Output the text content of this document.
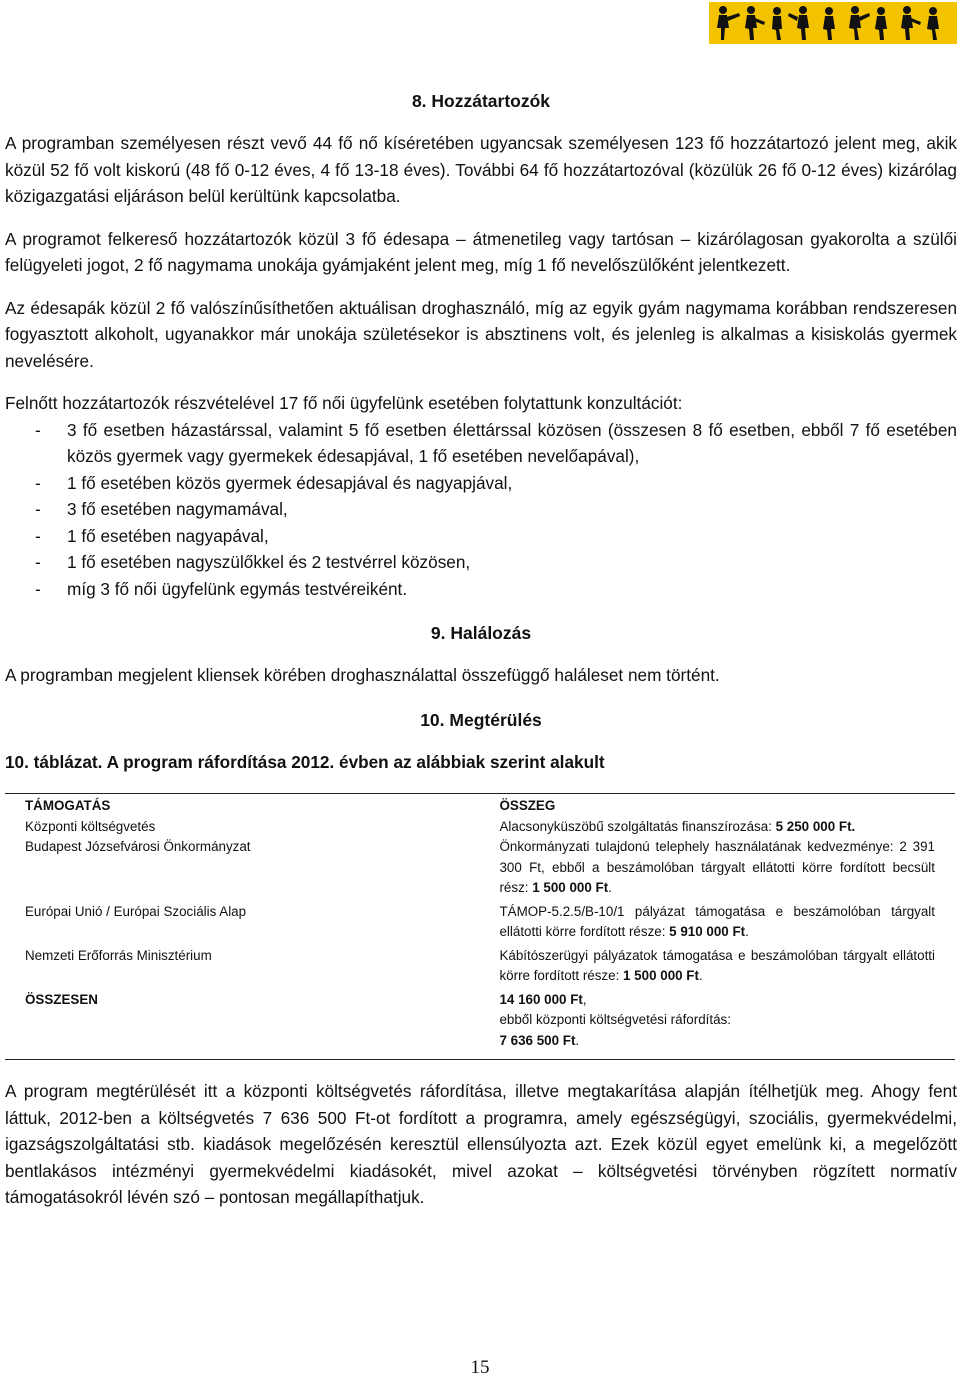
8. Hozzátartozók

A programban személyesen részt vevő 44 fő nő kíséretében ugyancsak személyesen 123 fő hozzátartozó jelent meg, akik közül 52 fő volt kiskorú (48 fő 0-12 éves, 4 fő 13-18 éves). További 64 fő hozzátartozóval (közülük 26 fő 0-12 éves) kizárólag közigazgatási eljáráson belül kerültünk kapcsolatba.

A programot felkereső hozzátartozók közül 3 fő édesapa – átmenetileg vagy tartósan – kizárólagosan gyakorolta a szülői felügyeleti jogot, 2 fő nagymama unokája gyámjaként jelent meg, míg 1 fő nevelőszülőként jelentkezett.

Az édesapák közül 2 fő valószínűsíthetően aktuálisan droghasználó, míg az egyik gyám nagymama korábban rendszeresen fogyasztott alkoholt, ugyanakkor már unokája születésekor is absztinens volt, és jelenleg is alkalmas a kisiskolás gyermek nevelésére.

Felnőtt hozzátartozók részvételével 17 fő női ügyfelünk esetében folytattunk konzultációt:

- 3 fő esetben házastárssal, valamint 5 fő esetben élettárssal közösen (összesen 8 fő esetben, ebből 7 fő esetében közös gyermek vagy gyermekek édesapjával, 1 fő esetében nevelőapával),
- 1 fő esetében közös gyermek édesapjával és nagyapjával,
- 3 fő esetében nagymamával,
- 1 fő esetében nagyapával,
- 1 fő esetében nagyszülőkkel és 2 testvérrel közösen,
- míg 3 fő női ügyfelünk egymás testvéreiként.
9. Halálozás

A programban megjelent kliensek körében droghasználattal összefüggő haláleset nem történt.

10. Megtérülés

10. táblázat. A program ráfordítása 2012. évben az alábbiak szerint alakult

TÁMOGATÁS	ÖSSZEG
Központi költségvetés	Alacsonyküszöbű szolgáltatás finanszírozása: 5 250 000 Ft.
Budapest Józsefvárosi Önkormányzat	Önkormányzati tulajdonú telephely használatának kedvezménye: 2 391 300 Ft, ebből a beszámolóban tárgyalt ellátotti körre fordított becsült rész: 1 500 000 Ft.
Európai Unió / Európai Szociális Alap	TÁMOP-5.2.5/B-10/1 pályázat támogatása e beszámolóban tárgyalt ellátotti körre fordított része: 5 910 000 Ft.
Nemzeti Erőforrás Minisztérium	Kábítószerügyi pályázatok támogatása e beszámolóban tárgyalt ellátotti körre fordított része: 1 500 000 Ft.
ÖSSZESEN	14 160 000 Ft,
ebből központi költségvetési ráfordítás:
7 636 500 Ft.

A program megtérülését itt a központi költségvetés ráfordítása, illetve megtakarítása alapján ítélhetjük meg. Ahogy fent láttuk, 2012-ben a költségvetés 7 636 500 Ft-ot fordított a programra, amely egészségügyi, szociális, gyermekvédelmi, igazságszolgáltatási stb. kiadások megelőzésén keresztül ellensúlyozta azt. Ezek közül egyet emelünk ki, a megelőzött bentlakásos intézményi gyermekvédelmi kiadásokét, mivel azokat – költségvetési törvényben rögzített normatív támogatásokról lévén szó – pontosan megállapíthatjuk.

15
